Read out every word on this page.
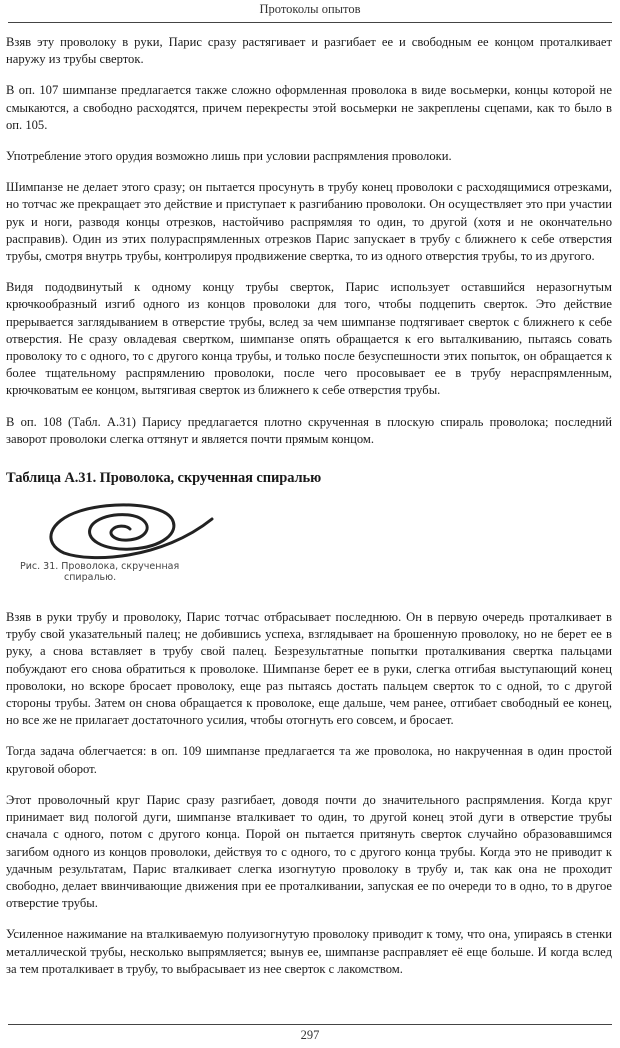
Протоколы опытов

Взяв эту проволоку в руки, Парис сразу растягивает и разгибает ее и свободным ее концом проталкивает наружу из трубы сверток.

В оп. 107 шимпанзе предлагается также сложно оформленная проволока в виде восьмерки, концы которой не смыкаются, а свободно расходятся, причем перекресты этой восьмерки не закреплены сцепами, как то было в оп. 105.

Употребление этого орудия возможно лишь при условии распрямления проволоки.

Шимпанзе не делает этого сразу; он пытается просунуть в трубу конец проволоки с расходящимися отрезками, но тотчас же прекращает это действие и приступает к разгибанию проволоки. Он осуществляет это при участии рук и ноги, разводя концы отрезков, настойчиво распрямляя то один, то другой (хотя и не окончательно расправив). Один из этих полураспрямленных отрезков Парис запускает в трубу с ближнего к себе отверстия трубы, смотря внутрь трубы, контролируя продвижение свертка, то из одного отверстия трубы, то из другого.

Видя пододвинутый к одному концу трубы сверток, Парис использует оставшийся неразогнутым крючкообразный изгиб одного из концов проволоки для того, чтобы подцепить сверток. Это действие прерывается заглядыванием в отверстие трубы, вслед за чем шимпанзе подтягивает сверток с ближнего к себе отверстия. Не сразу овладевая свертком, шимпанзе опять обращается к его выталкиванию, пытаясь совать проволоку то с одного, то с другого конца трубы, и только после безуспешности этих попыток, он обращается к более тщательному распрямлению проволоки, после чего просовывает ее в трубу нераспрямленным, крючковатым ее концом, вытягивая сверток из ближнего к себе отверстия трубы.

В оп. 108 (Табл. А.31) Парису предлагается плотно скрученная в плоскую спираль проволока; последний заворот проволоки слегка оттянут и является почти прямым концом.

Таблица А.31. Проволока, скрученная спиралью
Рис. 31. Проволока, скрученная
спиралью.

Взяв в руки трубу и проволоку, Парис тотчас отбрасывает последнюю. Он в первую очередь проталкивает в трубу свой указательный палец; не добившись успеха, взглядывает на брошенную проволоку, но не берет ее в руку, а снова вставляет в трубу свой палец. Безрезультатные попытки проталкивания свертка пальцами побуждают его снова обратиться к проволоке. Шимпанзе берет ее в руки, слегка отгибая выступающий конец проволоки, но вскоре бросает проволоку, еще раз пытаясь достать пальцем сверток то с одной, то с другой стороны трубы. Затем он снова обращается к проволоке, еще дальше, чем ранее, отгибает свободный ее конец, но все же не прилагает достаточного усилия, чтобы отогнуть его совсем, и бросает.

Тогда задача облегчается: в оп. 109 шимпанзе предлагается та же проволока, но накрученная в один простой круговой оборот.

Этот проволочный круг Парис сразу разгибает, доводя почти до значительного распрямления. Когда круг принимает вид пологой дуги, шимпанзе вталкивает то один, то другой конец этой дуги в отверстие трубы сначала с одного, потом с другого конца. Порой он пытается притянуть сверток случайно образовавшимся загибом одного из концов проволоки, действуя то с одного, то с другого конца трубы. Когда это не приводит к удачным результатам, Парис вталкивает слегка изогнутую проволоку в трубу и, так как она не проходит свободно, делает ввинчивающие движения при ее проталкивании, запуская ее по очереди то в одно, то в другое отверстие трубы.

Усиленное нажимание на вталкиваемую полуизогнутую проволоку приводит к тому, что она, упираясь в стенки металлической трубы, несколько выпрямляется; вынув ее, шимпанзе расправляет её еще больше. И когда вслед за тем проталкивает в трубу, то выбрасывает из нее сверток с лакомством.

297
